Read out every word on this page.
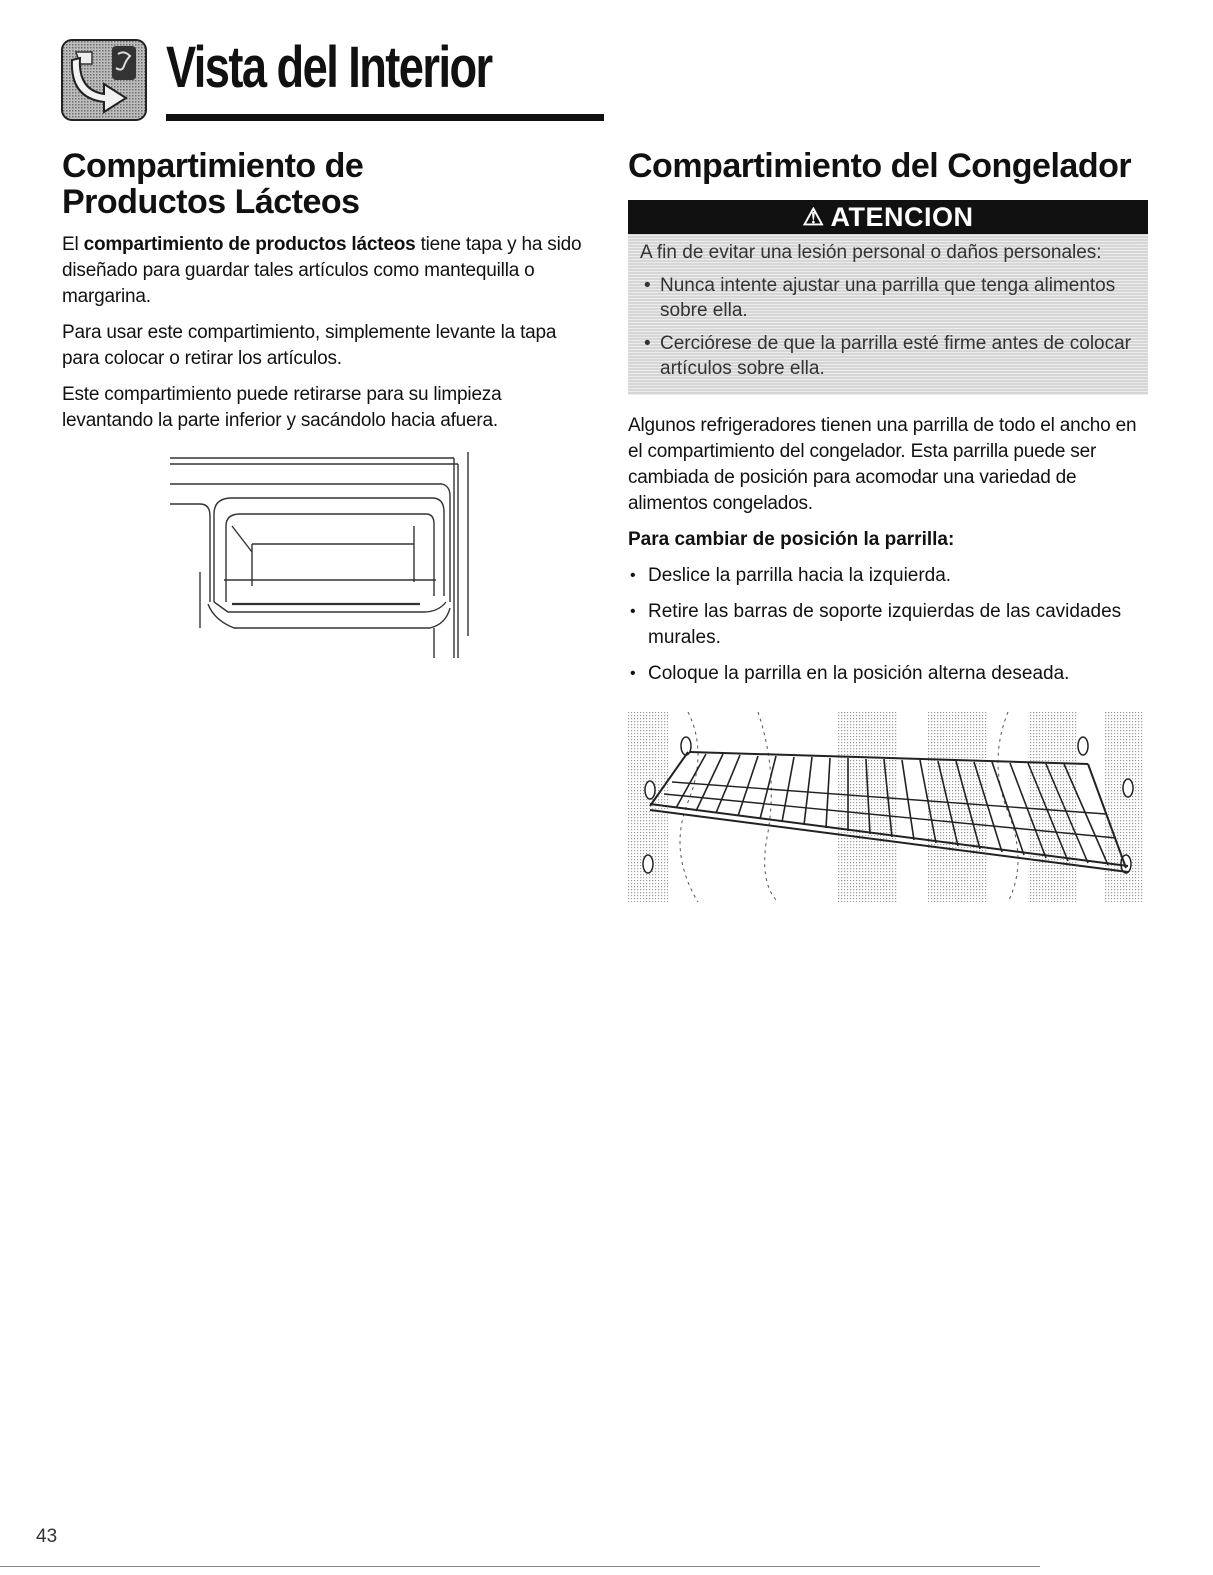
Vista del Interior
Compartimiento de Productos Lácteos

El compartimiento de productos lácteos tiene tapa y ha sido diseñado para guardar tales artículos como mantequilla o margarina.

Para usar este compartimiento, simplemente levante la tapa para colocar o retirar los artículos.

Este compartimiento puede retirarse para su limpieza levantando la parte inferior y sacándolo hacia afuera.

Compartimiento del Congelador
⚠ ATENCION
A fin de evitar una lesión personal o daños personales:
• Nunca intente ajustar una parrilla que tenga alimentos sobre ella.
• Cerciórese de que la parrilla esté firme antes de colocar artículos sobre ella.

Algunos refrigeradores tienen una parrilla de todo el ancho en el compartimiento del congelador. Esta parrilla puede ser cambiada de posición para acomodar una variedad de alimentos congelados.

Para cambiar de posición la parrilla:
• Deslice la parrilla hacia la izquierda.
• Retire las barras de soporte izquierdas de las cavidades murales.
• Coloque la parrilla en la posición alterna deseada.
43
